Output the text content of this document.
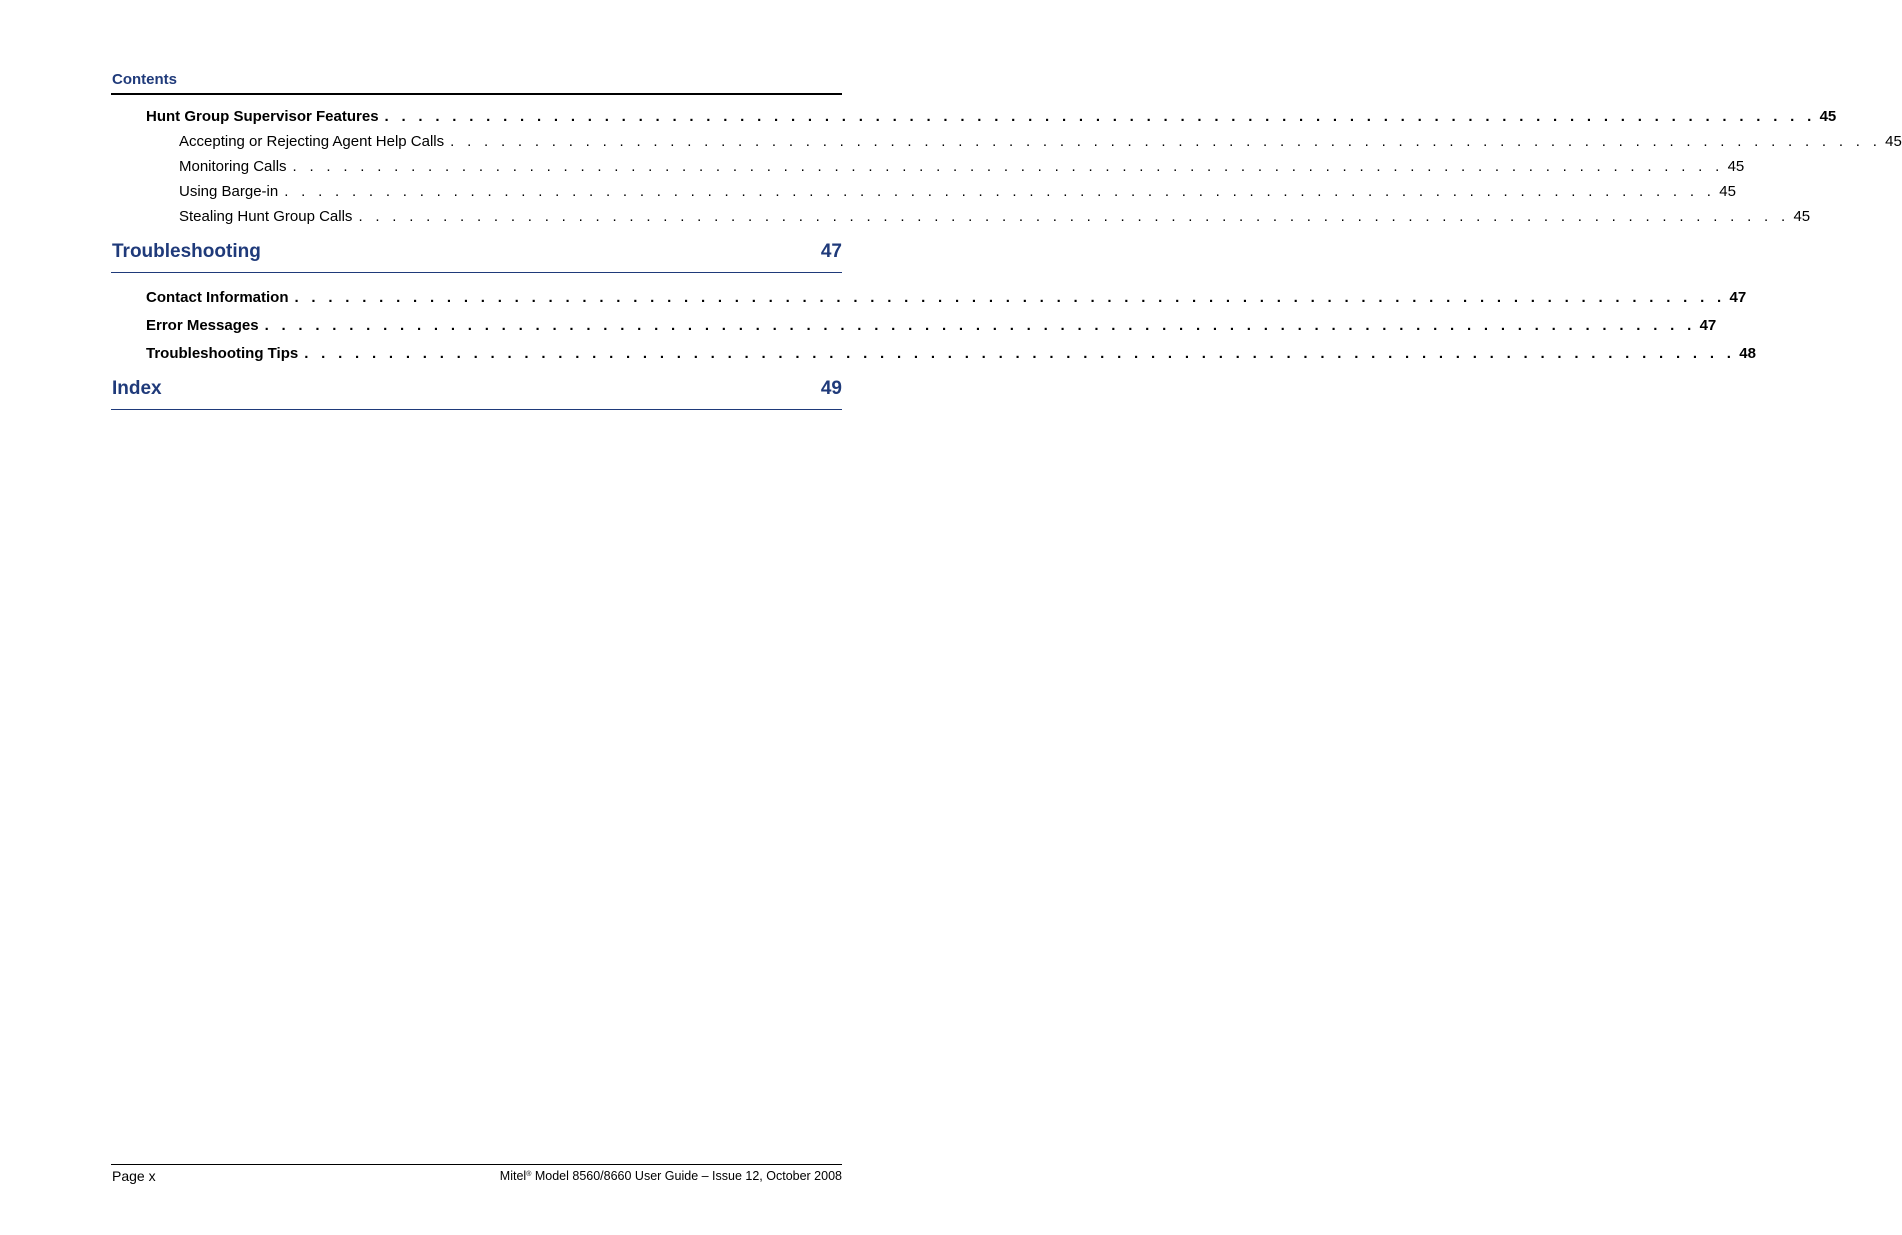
Contents
Hunt Group Supervisor Features . . . . . . . . . . . . . . . . . . . . . . . . . . . . . . . . . . . . . . . . . . . . . . . . . . . . . . . . . . . . . . . . . . . . . . . . . . . . . . . . . . . . . 45
Accepting or Rejecting Agent Help Calls . . . . . . . . . . . . . . . . . . . . . . . . . . . . . . . . . . . . . . . . . . . . . . . . . . . . . . . . . . . . . . . . . . . . . . . . . . . . . . . . . . . . . 45
Monitoring Calls . . . . . . . . . . . . . . . . . . . . . . . . . . . . . . . . . . . . . . . . . . . . . . . . . . . . . . . . . . . . . . . . . . . . . . . . . . . . . . . . . . . . . 45
Using Barge-in . . . . . . . . . . . . . . . . . . . . . . . . . . . . . . . . . . . . . . . . . . . . . . . . . . . . . . . . . . . . . . . . . . . . . . . . . . . . . . . . . . . . . 45
Stealing Hunt Group Calls . . . . . . . . . . . . . . . . . . . . . . . . . . . . . . . . . . . . . . . . . . . . . . . . . . . . . . . . . . . . . . . . . . . . . . . . . . . . . . . . . . . . . 45
Troubleshooting	47
Contact Information . . . . . . . . . . . . . . . . . . . . . . . . . . . . . . . . . . . . . . . . . . . . . . . . . . . . . . . . . . . . . . . . . . . . . . . . . . . . . . . . . . . . . 47
Error Messages . . . . . . . . . . . . . . . . . . . . . . . . . . . . . . . . . . . . . . . . . . . . . . . . . . . . . . . . . . . . . . . . . . . . . . . . . . . . . . . . . . . . . 47
Troubleshooting Tips . . . . . . . . . . . . . . . . . . . . . . . . . . . . . . . . . . . . . . . . . . . . . . . . . . . . . . . . . . . . . . . . . . . . . . . . . . . . . . . . . . . . . 48
Index	49
Page x	Mitel® Model 8560/8660 User Guide – Issue 12, October 2008
